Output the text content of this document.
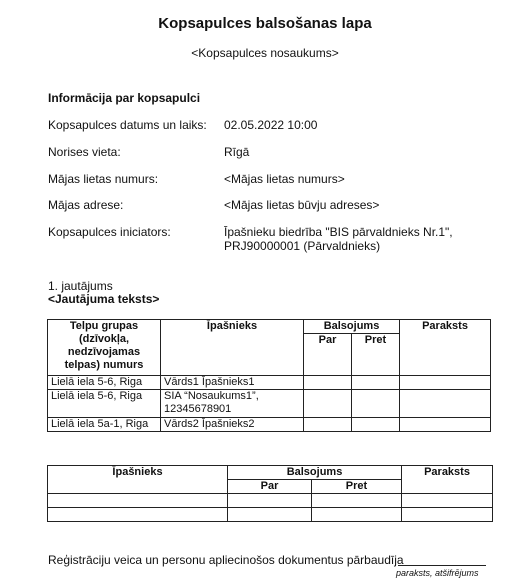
Kopsapulces balsošanas lapa
<Kopsapulces nosaukums>
Informācija par kopsapulci
Kopsapulces datums un laiks: 02.05.2022 10:00
Norises vieta:	Rīgā
Mājas lietas numurs:	<Mājas lietas numurs>
Mājas adrese:	<Mājas lietas būvju adreses>
Kopsapulces iniciators:	Īpašnieku biedrība "BIS pārvaldnieks Nr.1", PRJ90000001 (Pārvaldnieks)
1. jautājums
<Jautājuma teksts>
Telpu grupas (dzīvokļa, nedzīvojamas telpas) numurs	Īpašnieks	Balsojums		Paraksts
		Par	Pret	
Lielā iela 5-6, Riga	Vārds1 Īpašnieks1			
Lielā iela 5-6, Riga	SIA “Nosaukums1”, 12345678901			
Lielā iela 5a-1, Riga	Vārds2 Īpašnieks2			
Īpašnieks	Balsojums		Paraksts
	Par	Pret	

Reģistrāciju veica un personu apliecinošos dokumentus pārbaudīja
paraksts, atšifrējums
